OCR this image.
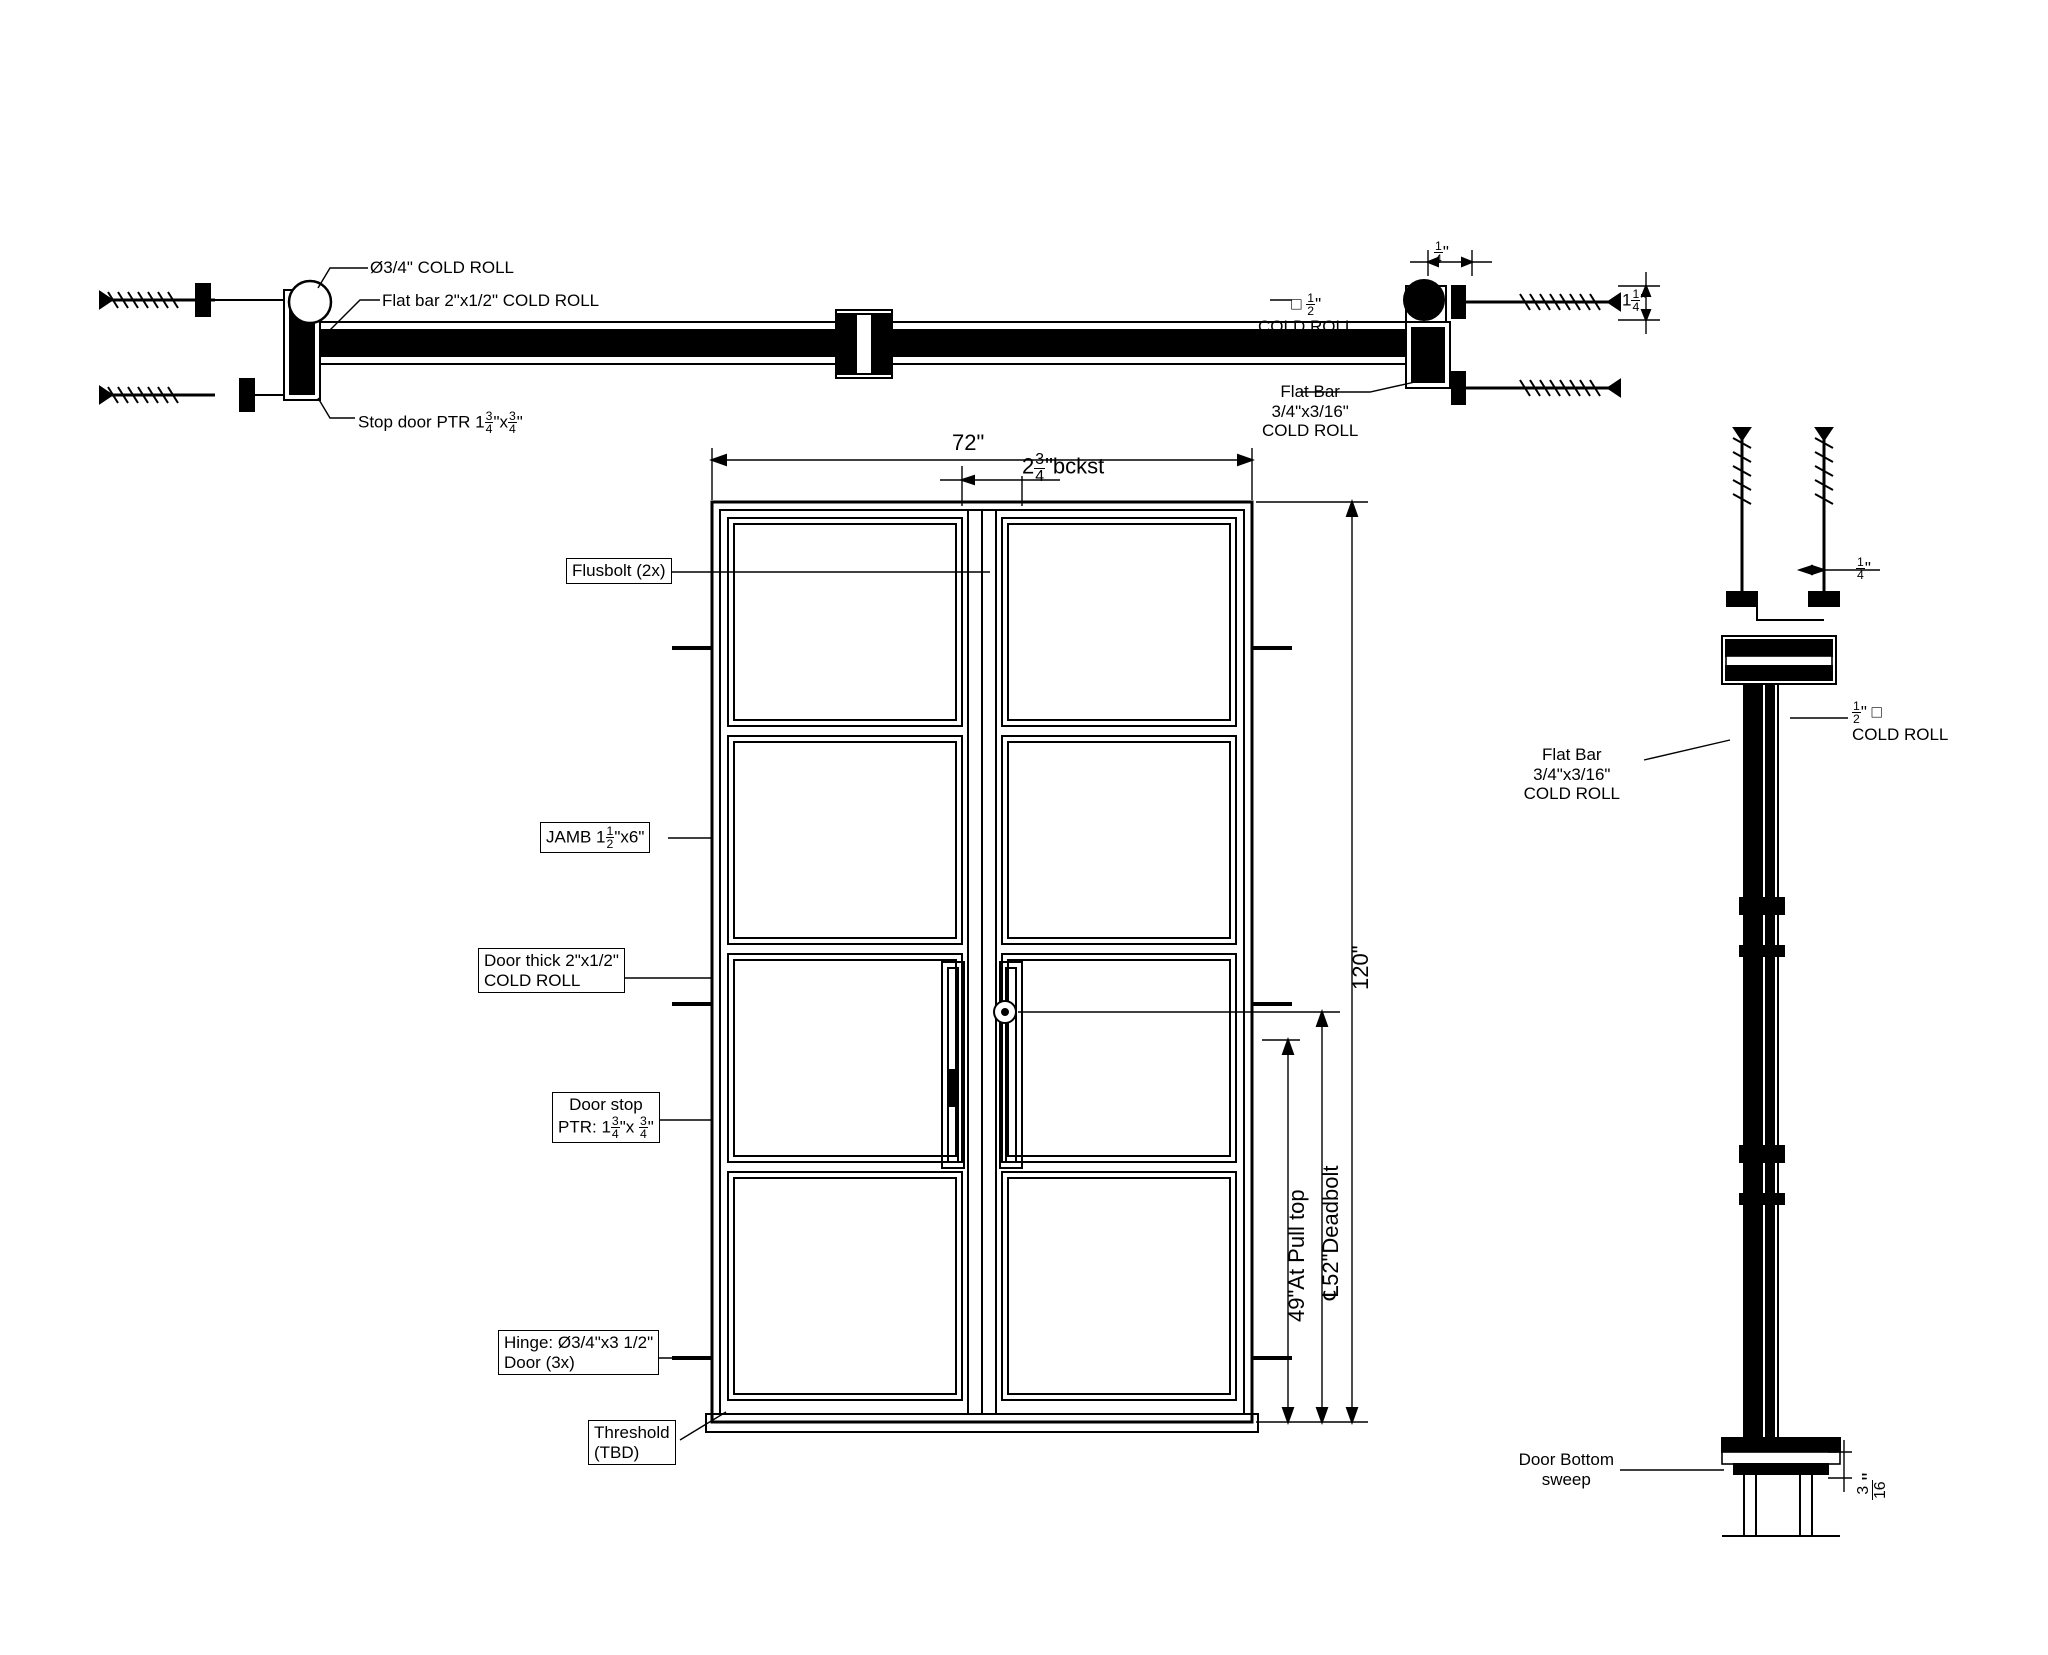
Ø3/4" COLD ROLL
Flat bar 2"x1/2" COLD ROLL
Stop door PTR $1 \frac{3}{4}$ "$x \frac{3}{4}$ "
□ $\frac{1}{2}$ "
COLD ROLL
Flat Bar
3/4"x3/16"
COLD ROLL
$\frac{1}{4}$ "
$1 \frac{1}{4}$ "
Flusbolt (2x)
JAMB $1 \frac{1}{2}$ "x6"
Door thick 2"x1/2"
COLD ROLL
Door stop
PTR: $1 \frac{3}{4}$ "$x \frac{3}{4}$ "
Hinge: Ø3/4"x3 1/2"
Door (3x)
Threshold
(TBD)
72"
$2 \frac{3}{4}$ "bckst
120"
49"At Pull top ℄52"Deadbolt
$\frac{1}{4}$ "
$\frac{1}{2}$ " □
COLD ROLL
Flat Bar
3/4"x3/16"
COLD ROLL
Door Bottom
sweep
3 16
"
